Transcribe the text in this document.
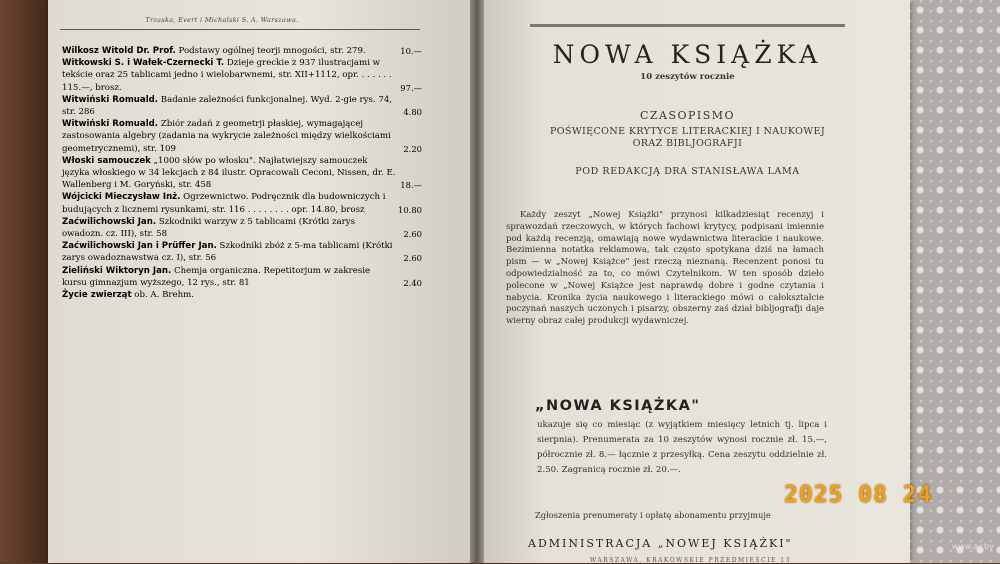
Trzaska, Evert i Michalski S. A. Warszawa.
Wilkosz Witold Dr. Prof. Podstawy ogólnej teorji mnogości, str. 279.	10.—
Witkowski S. i Wałek-Czernecki T. Dzieje greckie z 937 ilustracjami w tekście oraz 25 tablicami jedno i wielobarwnemi, str. XII+1112, opr. . . . . . . 115.—, brosz.	97.—
Witwiński Romuald. Badanie zależności funkcjonalnej. Wyd. 2-gie rys. 74, str. 286	4.80
Witwiński Romuald. Zbiór zadań z geometrji płaskiej, wymagającej zastosowania algebry (zadania na wykrycie zależności między wielkościami geometrycznemi), str. 109	2.20
Włoski samouczek „1000 słów po włosku". Najłatwiejszy samouczek języka włoskiego w 34 lekcjach z 84 ilustr. Opracowali Ceconi, Nissen, dr. E. Wallenberg i M. Goryński, str. 458	18.—
Wójcicki Mieczysław Inż. Ogrzewnictwo. Podręcznik dla budowniczych i budujących z licznemi rysunkami, str. 116 . . . . . . . . opr. 14.80, brosz	10.80
Zaćwilichowski Jan. Szkodniki warzyw z 5 tablicami (Krótki zarys owadozn. cz. III), str. 58	2.60
Zaćwilichowski Jan i Prüffer Jan. Szkodniki zbóż z 5-ma tablicami (Krótki zarys owadoznawstwa cz. I), str. 56	2.60
Zieliński Wiktoryn Jan. Chemja organiczna. Repetitorjum w zakresie kursu gimnazjum wyższego, 12 rys., str. 81	2.40
Życie zwierząt ob. A. Brehm.
NOWA KSIĄŻKA
10 zeszytów rocznie
CZASOPISMO
POŚWIĘCONE KRYTYCE LITERACKIEJ I NAUKOWEJ
ORAZ BIBLJOGRAFJI
POD REDAKCJĄ DRA STANISŁAWA LAMA

Każdy zeszyt „Nowej Książki" przynosi kilkadziesiąt recenzyj i sprawozdań rzeczowych, w których fachowi krytycy, podpisani imiennie pod każdą recenzją, omawiają nowe wydawnictwa literackie i naukowe. Bezimienna notatka reklamowa, tak często spotykana dziś na łamach pism — w „Nowej Książce" jest rzeczą nieznaną. Recenzent ponosi tu odpowiedzialność za to, co mówi Czytelnikom. W ten sposób dzieło polecone w „Nowej Książce jest naprawdę dobre i godne czytania i nabycia. Kronika życia naukowego i literackiego mówi o całokształcie poczynań naszych uczonych i pisarzy, obszerny zaś dział bibljografji daje wierny obraz całej produkcji wydawniczej.

„NOWA KSIĄŻKA"
ukazuje się co miesiąc (z wyjątkiem miesięcy letnich tj. lipca i sierpnia). Prenumerata za 10 zeszytów wynosi rocznie zł. 15.—, półrocznie zł. 8.— łącznie z przesyłką. Cena zeszytu oddzielnie zł. 2.50. Zagranicą rocznie zł. 20.—.
Zgłoszenia prenumeraty i opłatę abonamentu przyjmuje
ADMINISTRACJA „NOWEJ KSIĄŻKI"
WARSZAWA, KRAKOWSKIE PRZEDMIEŚCIE 13
2025 08 24
www.ay.by
